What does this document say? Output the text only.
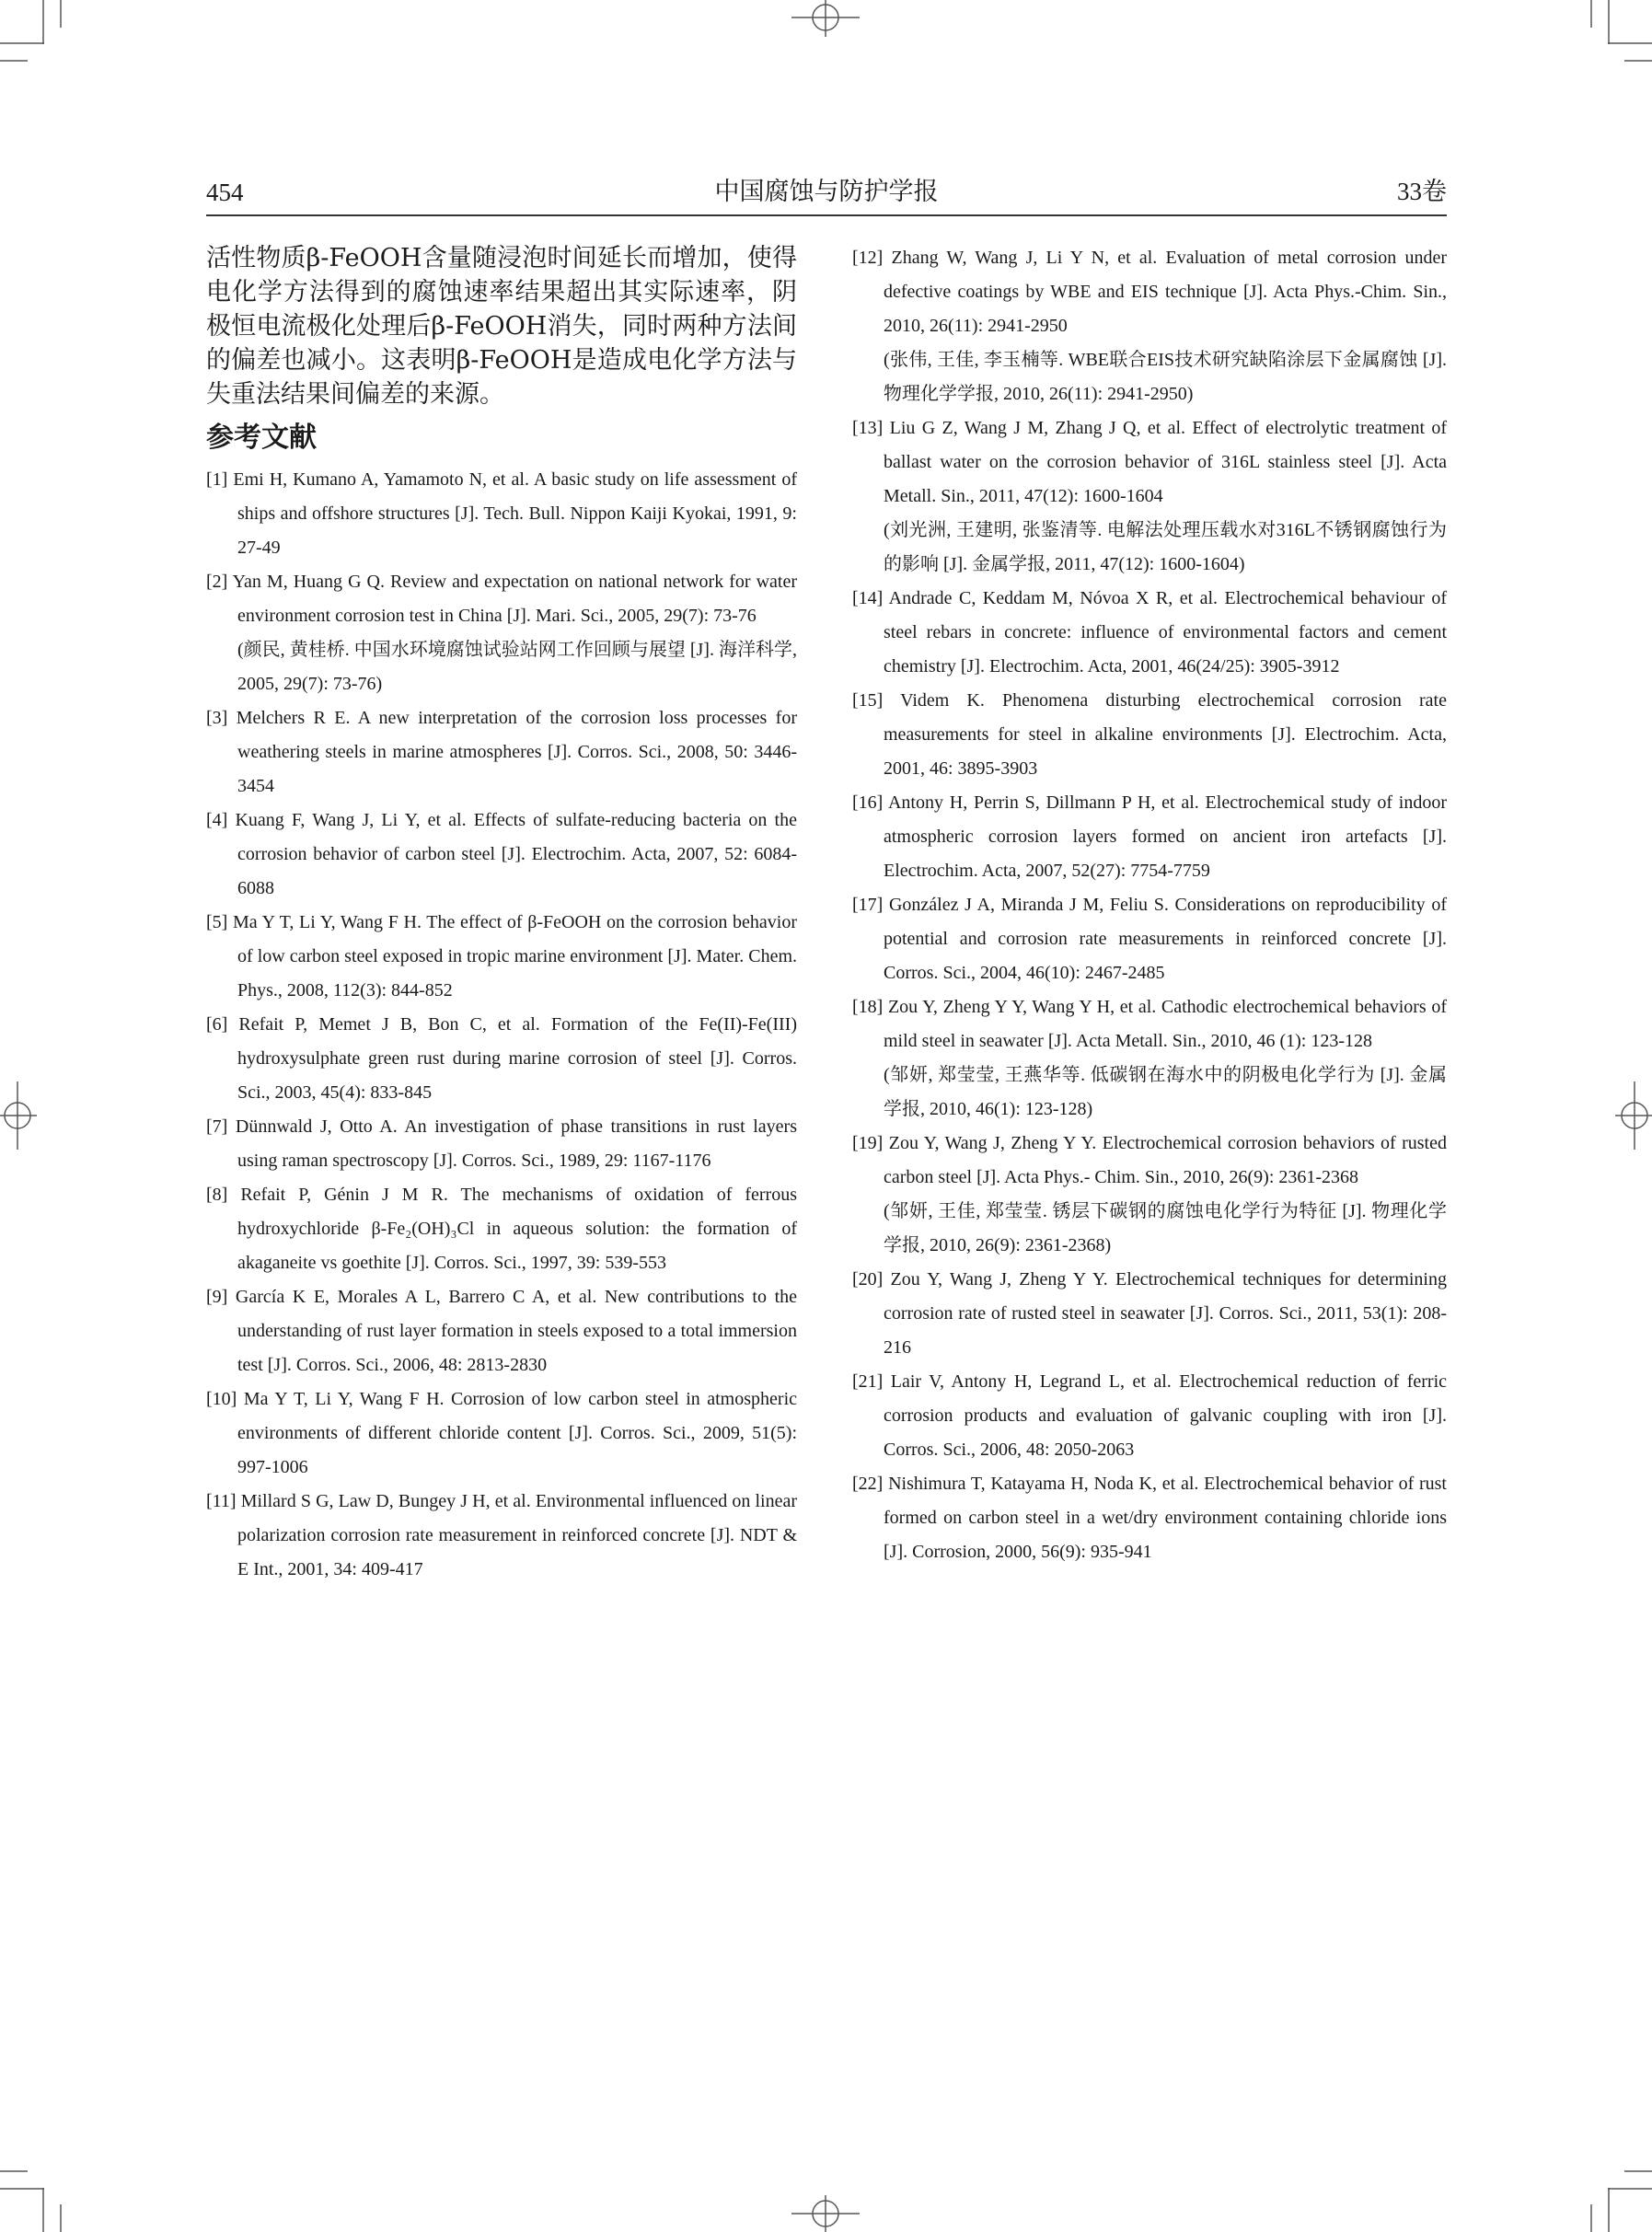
中国腐蚀与防护学报
454	33卷

活性物质β-FeOOH含量随浸泡时间延长而增加，使得电化学方法得到的腐蚀速率结果超出其实际速率，阴极恒电流极化处理后β-FeOOH消失，同时两种方法间的偏差也减小。这表明β-FeOOH是造成电化学方法与失重法结果间偏差的来源。

参考文献
[1] Emi H, Kumano A, Yamamoto N, et al. A basic study on life assessment of ships and offshore structures [J]. Tech. Bull. Nippon Kaiji Kyokai, 1991, 9: 27-49
[2] Yan M, Huang G Q. Review and expectation on national network for water environment corrosion test in China [J]. Mari. Sci., 2005, 29(7): 73-76
(颜民, 黄桂桥. 中国水环境腐蚀试验站网工作回顾与展望 [J]. 海洋科学, 2005, 29(7): 73-76)
[3] Melchers R E. A new interpretation of the corrosion loss processes for weathering steels in marine atmospheres [J]. Corros. Sci., 2008, 50: 3446-3454
[4] Kuang F, Wang J, Li Y, et al. Effects of sulfate-reducing bacteria on the corrosion behavior of carbon steel [J]. Electrochim. Acta, 2007, 52: 6084-6088
[5] Ma Y T, Li Y, Wang F H. The effect of β-FeOOH on the corrosion behavior of low carbon steel exposed in tropic marine environment [J]. Mater. Chem. Phys., 2008, 112(3): 844-852
[6] Refait P, Memet J B, Bon C, et al. Formation of the Fe(II)-Fe(III) hydroxysulphate green rust during marine corrosion of steel [J]. Corros. Sci., 2003, 45(4): 833-845
[7] Dünnwald J, Otto A. An investigation of phase transitions in rust layers using raman spectroscopy [J]. Corros. Sci., 1989, 29: 1167-1176
[8] Refait P, Génin J M R. The mechanisms of oxidation of ferrous hydroxychloride β-Fe₂(OH)₃Cl in aqueous solution: the formation of akaganeite vs goethite [J]. Corros. Sci., 1997, 39: 539-553
[9] García K E, Morales A L, Barrero C A, et al. New contributions to the understanding of rust layer formation in steels exposed to a total immersion test [J]. Corros. Sci., 2006, 48: 2813-2830
[10] Ma Y T, Li Y, Wang F H. Corrosion of low carbon steel in atmospheric environments of different chloride content [J]. Corros. Sci., 2009, 51(5): 997-1006
[11] Millard S G, Law D, Bungey J H, et al. Environmental influenced on linear polarization corrosion rate measurement in reinforced concrete [J]. NDT & E Int., 2001, 34: 409-417
[12] Zhang W, Wang J, Li Y N, et al. Evaluation of metal corrosion under defective coatings by WBE and EIS technique [J]. Acta Phys.-Chim. Sin., 2010, 26(11): 2941-2950
(张伟, 王佳, 李玉楠等. WBE联合EIS技术研究缺陷涂层下金属腐蚀 [J]. 物理化学学报, 2010, 26(11): 2941-2950)
[13] Liu G Z, Wang J M, Zhang J Q, et al. Effect of electrolytic treatment of ballast water on the corrosion behavior of 316L stainless steel [J]. Acta Metall. Sin., 2011, 47(12): 1600-1604
(刘光洲, 王建明, 张鉴清等. 电解法处理压载水对316L不锈钢腐蚀行为的影响 [J]. 金属学报, 2011, 47(12): 1600-1604)
[14] Andrade C, Keddam M, Nóvoa X R, et al. Electrochemical behaviour of steel rebars in concrete: influence of environmental factors and cement chemistry [J]. Electrochim. Acta, 2001, 46(24/25): 3905-3912
[15] Videm K. Phenomena disturbing electrochemical corrosion rate measurements for steel in alkaline environments [J]. Electrochim. Acta, 2001, 46: 3895-3903
[16] Antony H, Perrin S, Dillmann P H, et al. Electrochemical study of indoor atmospheric corrosion layers formed on ancient iron artefacts [J]. Electrochim. Acta, 2007, 52(27): 7754-7759
[17] González J A, Miranda J M, Feliu S. Considerations on reproducibility of potential and corrosion rate measurements in reinforced concrete [J]. Corros. Sci., 2004, 46(10): 2467-2485
[18] Zou Y, Zheng Y Y, Wang Y H, et al. Cathodic electrochemical behaviors of mild steel in seawater [J]. Acta Metall. Sin., 2010, 46 (1): 123-128
(邹妍, 郑莹莹, 王燕华等. 低碳钢在海水中的阴极电化学行为 [J]. 金属学报, 2010, 46(1): 123-128)
[19] Zou Y, Wang J, Zheng Y Y. Electrochemical corrosion behaviors of rusted carbon steel [J]. Acta Phys.- Chim. Sin., 2010, 26(9): 2361-2368
(邹妍, 王佳, 郑莹莹. 锈层下碳钢的腐蚀电化学行为特征 [J]. 物理化学学报, 2010, 26(9): 2361-2368)
[20] Zou Y, Wang J, Zheng Y Y. Electrochemical techniques for determining corrosion rate of rusted steel in seawater [J]. Corros. Sci., 2011, 53(1): 208-216
[21] Lair V, Antony H, Legrand L, et al. Electrochemical reduction of ferric corrosion products and evaluation of galvanic coupling with iron [J]. Corros. Sci., 2006, 48: 2050-2063
[22] Nishimura T, Katayama H, Noda K, et al. Electrochemical behavior of rust formed on carbon steel in a wet/dry environment containing chloride ions [J]. Corrosion, 2000, 56(9): 935-941
